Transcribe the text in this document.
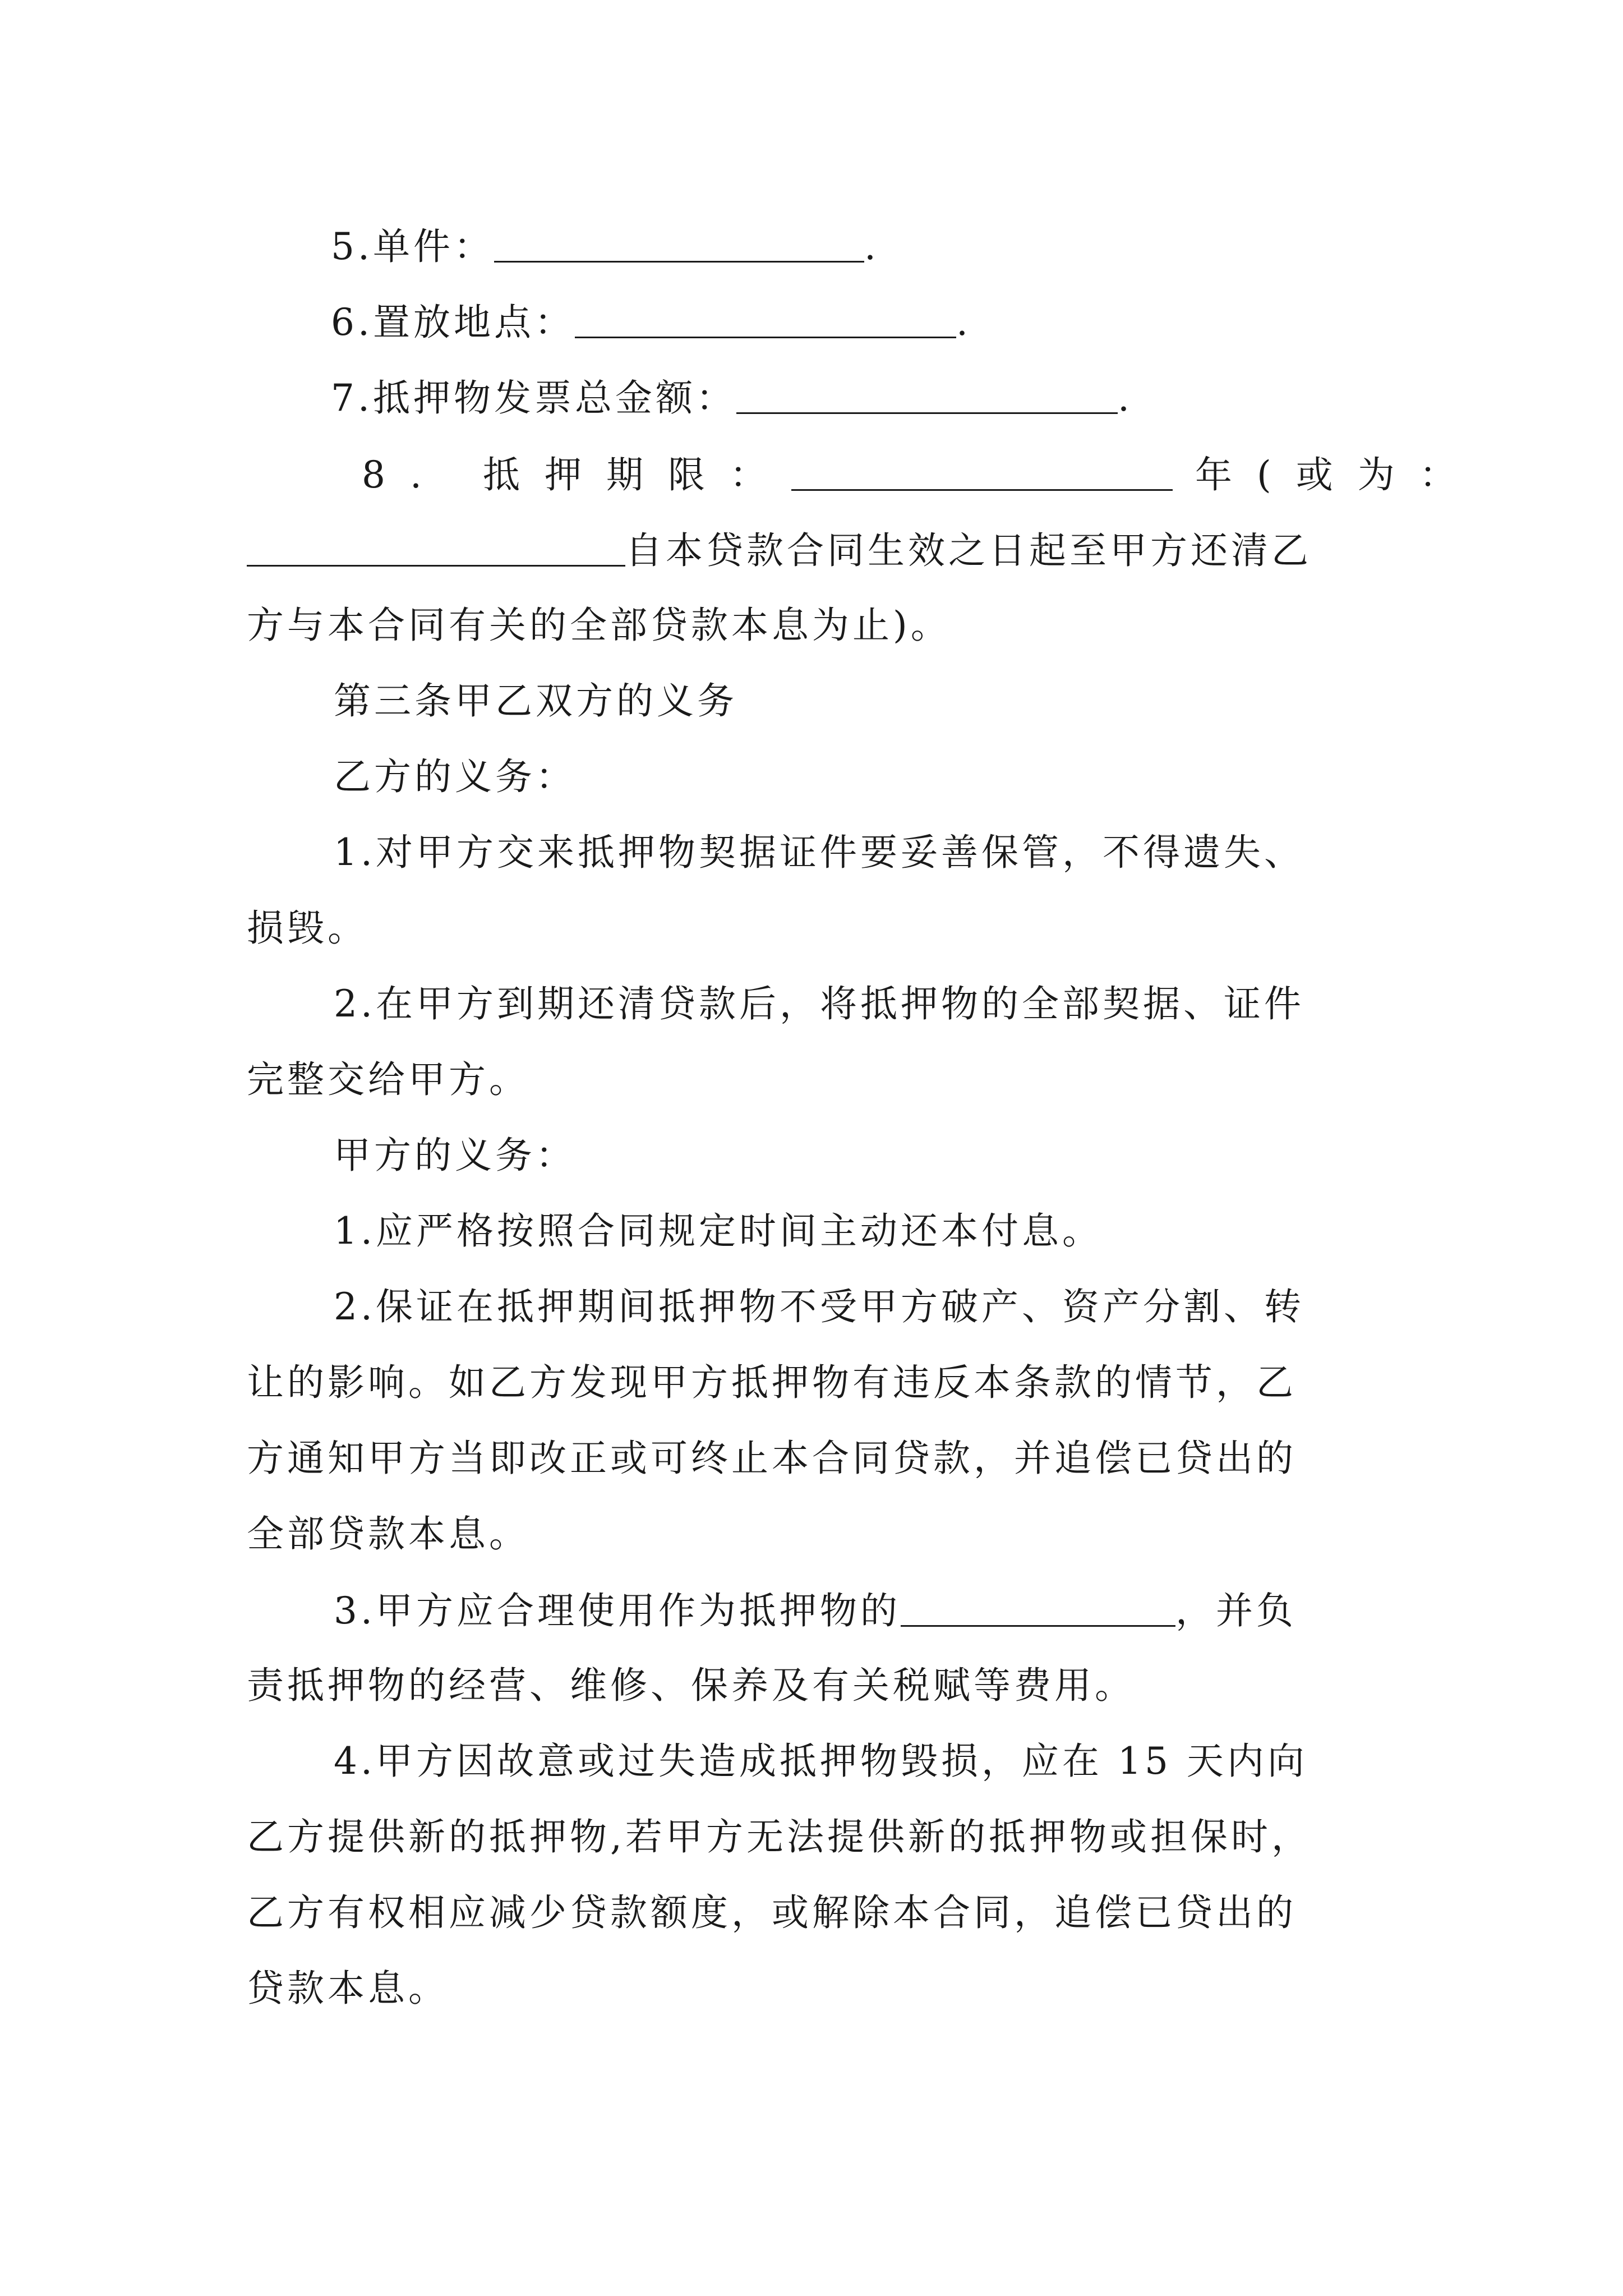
5.单件：	.
6.置放地点：	.
7.抵押物发票总金额：	.
8. 抵押期限：	年(或为：
自本贷款合同生效之日起至甲方还清乙
方与本合同有关的全部贷款本息为止)。
第三条甲乙双方的义务
乙方的义务：
1.对甲方交来抵押物契据证件要妥善保管，不得遗失、
损毁。
2.在甲方到期还清贷款后，将抵押物的全部契据、证件
完整交给甲方。
甲方的义务：
1.应严格按照合同规定时间主动还本付息。
2.保证在抵押期间抵押物不受甲方破产、资产分割、转
让的影响。如乙方发现甲方抵押物有违反本条款的情节，乙
方通知甲方当即改正或可终止本合同贷款，并追偿已贷出的
全部贷款本息。
3.甲方应合理使用作为抵押物的	，并负
责抵押物的经营、维修、保养及有关税赋等费用。
4.甲方因故意或过失造成抵押物毁损，应在 15 天内向
乙方提供新的抵押物,若甲方无法提供新的抵押物或担保时，
乙方有权相应减少贷款额度，或解除本合同，追偿已贷出的
贷款本息。
